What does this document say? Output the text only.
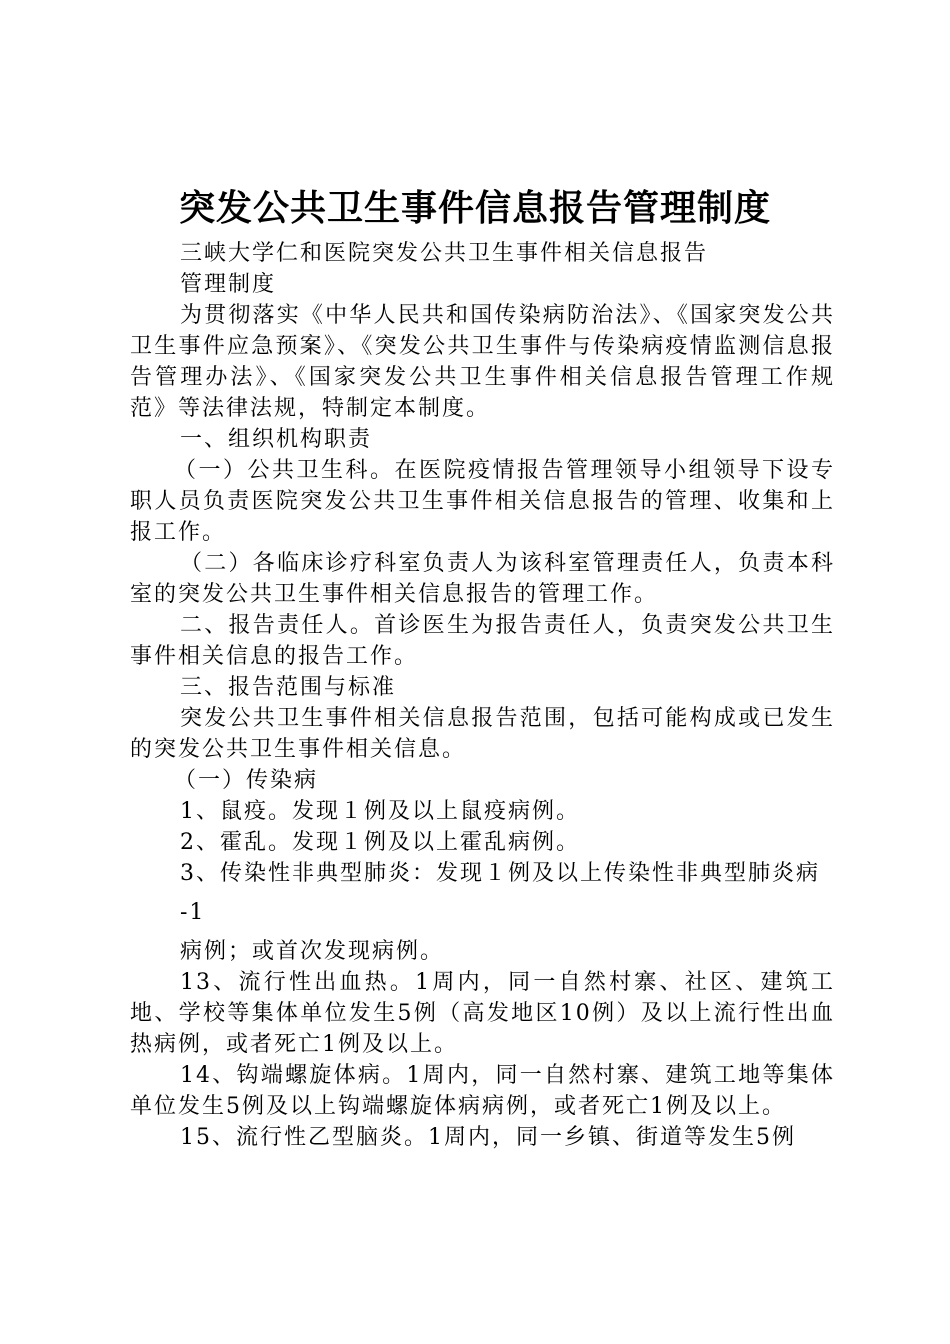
突发公共卫生事件信息报告管理制度

三峡大学仁和医院突发公共卫生事件相关信息报告

管理制度

为贯彻落实《中华人民共和国传染病防治法》、《国家突发公共卫生事件应急预案》、《突发公共卫生事件与传染病疫情监测信息报告管理办法》、《国家突发公共卫生事件相关信息报告管理工作规范》等法律法规，特制定本制度。

一、组织机构职责

（一）公共卫生科。在医院疫情报告管理领导小组领导下设专职人员负责医院突发公共卫生事件相关信息报告的管理、收集和上报工作。

（二）各临床诊疗科室负责人为该科室管理责任人，负责本科室的突发公共卫生事件相关信息报告的管理工作。

二、报告责任人。首诊医生为报告责任人，负责突发公共卫生事件相关信息的报告工作。

三、报告范围与标准

突发公共卫生事件相关信息报告范围，包括可能构成或已发生的突发公共卫生事件相关信息。

（一）传染病

1、鼠疫。发现１例及以上鼠疫病例。

2、霍乱。发现１例及以上霍乱病例。

3、传染性非典型肺炎：发现１例及以上传染性非典型肺炎病

-1

病例；或首次发现病例。

13、流行性出血热。1周内，同一自然村寨、社区、建筑工地、学校等集体单位发生5例（高发地区10例）及以上流行性出血热病例，或者死亡1例及以上。

14、钩端螺旋体病。1周内，同一自然村寨、建筑工地等集体单位发生5例及以上钩端螺旋体病病例，或者死亡1例及以上。

15、流行性乙型脑炎。1周内，同一乡镇、街道等发生5例
